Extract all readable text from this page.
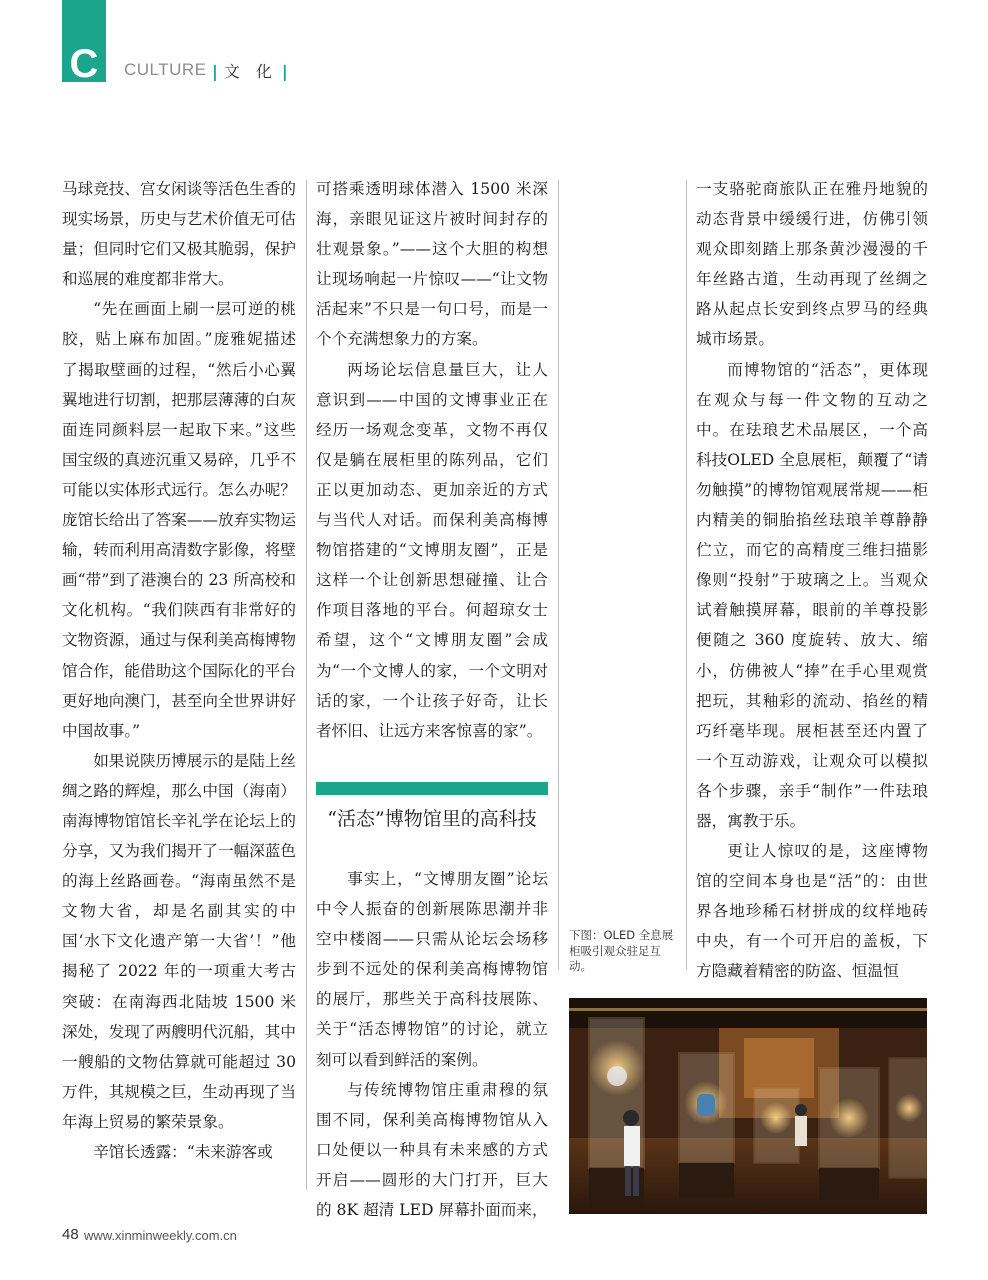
C CULTURE | 文 化 |

马球竞技、宫女闲谈等活色生香的现实场景，历史与艺术价值无可估量；但同时它们又极其脆弱，保护和巡展的难度都非常大。

“先在画面上刷一层可逆的桃胶，贴上麻布加固。”庞雅妮描述了揭取壁画的过程，“然后小心翼翼地进行切割，把那层薄薄的白灰面连同颜料层一起取下来。”这些国宝级的真迹沉重又易碎，几乎不可能以实体形式远行。怎么办呢？庞馆长给出了答案——放弃实物运输，转而利用高清数字影像，将壁画“带”到了港澳台的 23 所高校和文化机构。“我们陕西有非常好的文物资源，通过与保利美高梅博物馆合作，能借助这个国际化的平台更好地向澳门，甚至向全世界讲好中国故事。”

如果说陕历博展示的是陆上丝绸之路的辉煌，那么中国（海南）南海博物馆馆长辛礼学在论坛上的分享，又为我们揭开了一幅深蓝色的海上丝路画卷。“海南虽然不是文物大省，却是名副其实的中国‘水下文化遗产第一大省’！”他揭秘了 2022 年的一项重大考古突破：在南海西北陆坡 1500 米深处，发现了两艘明代沉船，其中一艘船的文物估算就可能超过 30 万件，其规模之巨，生动再现了当年海上贸易的繁荣景象。

辛馆长透露：“未来游客或

可搭乘透明球体潜入 1500 米深海，亲眼见证这片被时间封存的壮观景象。”——这个大胆的构想让现场响起一片惊叹——“让文物活起来”不只是一句口号，而是一个个充满想象力的方案。

两场论坛信息量巨大，让人意识到——中国的文博事业正在经历一场观念变革，文物不再仅仅是躺在展柜里的陈列品，它们正以更加动态、更加亲近的方式与当代人对话。而保利美高梅博物馆搭建的“文博朋友圈”，正是这样一个让创新思想碰撞、让合作项目落地的平台。何超琼女士希望，这个“文博朋友圈”会成为“一个文博人的家，一个文明对话的家，一个让孩子好奇，让长者怀旧、让远方来客惊喜的家”。

“活态”博物馆里的高科技

事实上，“文博朋友圈”论坛中令人振奋的创新展陈思潮并非空中楼阁——只需从论坛会场移步到不远处的保利美高梅博物馆的展厅，那些关于高科技展陈、关于“活态博物馆”的讨论，就立刻可以看到鲜活的案例。

与传统博物馆庄重肃穆的氛围不同，保利美高梅博物馆从入口处便以一种具有未来感的方式开启——圆形的大门打开，巨大的 8K 超清 LED 屏幕扑面而来，

一支骆驼商旅队正在雅丹地貌的动态背景中缓缓行进，仿佛引领观众即刻踏上那条黄沙漫漫的千年丝路古道，生动再现了丝绸之路从起点长安到终点罗马的经典城市场景。

而博物馆的“活态”，更体现在观众与每一件文物的互动之中。在珐琅艺术品展区，一个高科技OLED 全息展柜，颠覆了“请勿触摸”的博物馆观展常规——柜内精美的铜胎掐丝珐琅羊尊静静伫立，而它的高精度三维扫描影像则“投射”于玻璃之上。当观众试着触摸屏幕，眼前的羊尊投影便随之 360 度旋转、放大、缩小，仿佛被人“捧”在手心里观赏把玩，其釉彩的流动、掐丝的精巧纤毫毕现。展柜甚至还内置了一个互动游戏，让观众可以模拟各个步骤，亲手“制作”一件珐琅器，寓教于乐。

更让人惊叹的是，这座博物馆的空间本身也是“活”的：由世界各地珍稀石材拼成的纹样地砖中央，有一个可开启的盖板，下方隐藏着精密的防盗、恒温恒

下图：OLED 全息展柜吸引观众驻足互动。
48 www.xinminweekly.com.cn
